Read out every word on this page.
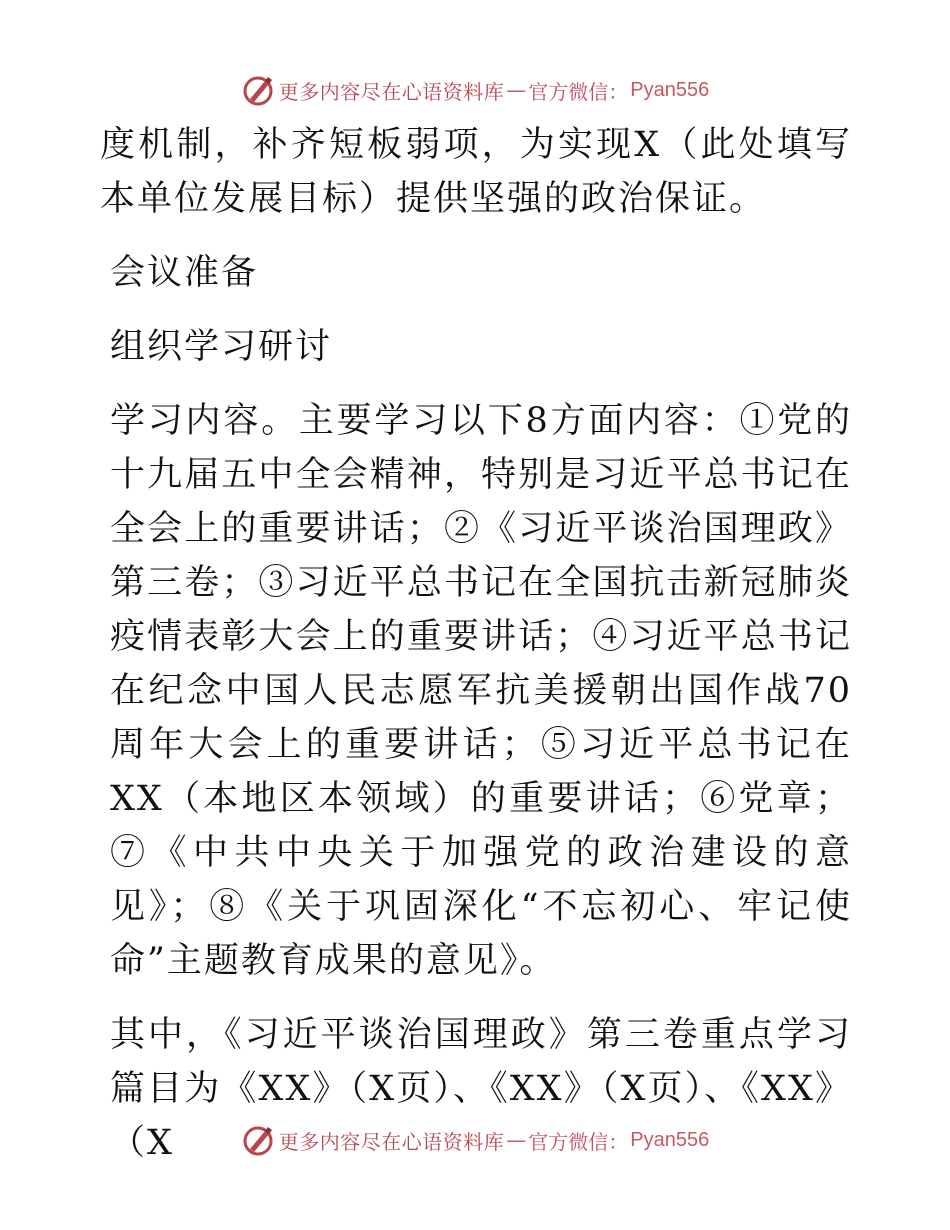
更多内容尽在心语资料库 — 官方微信： Pyan556

度机制，补齐短板弱项，为实现X（此处填写本单位发展目标）提供坚强的政治保证。

会议准备

组织学习研讨

学习内容。主要学习以下8方面内容：①党的十九届五中全会精神，特别是习近平总书记在全会上的重要讲话；②《习近平谈治国理政》第三卷；③习近平总书记在全国抗击新冠肺炎疫情表彰大会上的重要讲话；④习近平总书记在纪念中国人民志愿军抗美援朝出国作战70周年大会上的重要讲话；⑤习近平总书记在XX（本地区本领域）的重要讲话；⑥党章；⑦《中共中央关于加强党的政治建设的意见》；⑧《关于巩固深化“不忘初心、牢记使命”主题教育成果的意见》。

其中，《习近平谈治国理政》第三卷重点学习篇目为《XX》（X页）、《XX》（X页）、《XX》（X	更多内容尽在心语资料库 — 官方微信： Pyan556
